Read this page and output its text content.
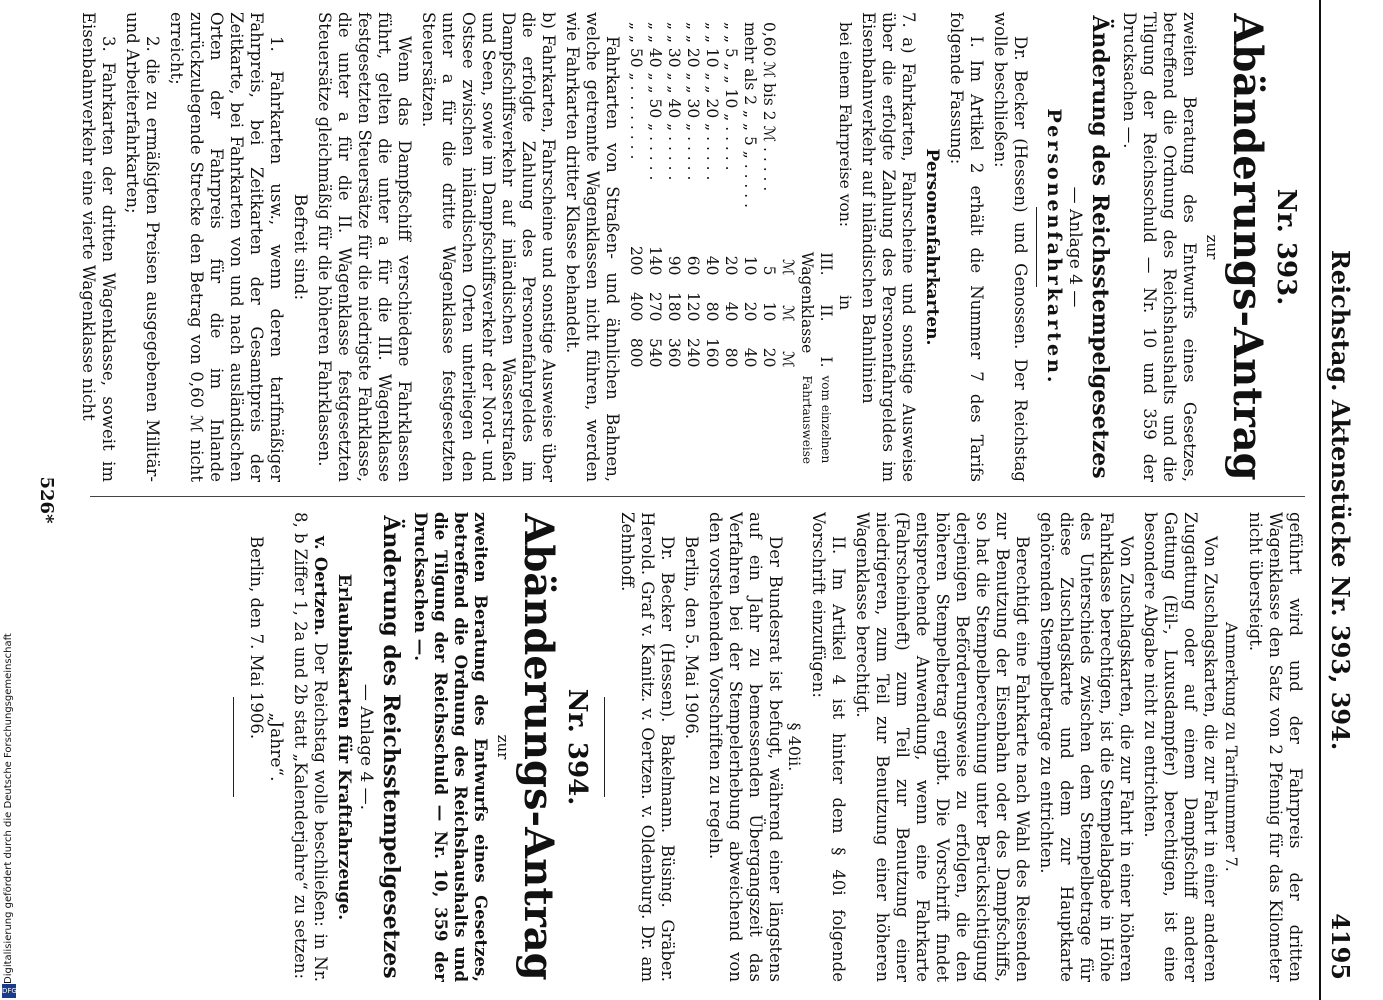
Reichstag. Aktenstücke Nr. 393, 394.
4195
Nr. 393.
Abänderungs-Antrag
zur

zweiten Beratung des Entwurfs eines Gesetzes, betreffend die Ordnung des Reichshaushalts und die Tilgung der Reichsschuld — Nr. 10 und 359 der Drucksachen —.

Änderung des Reichsstempelgesetzes
— Anlage 4 —
Personenfahrkarten.

Dr. Becker (Hessen) und Genossen. Der Reichstag wolle beschließen:

I. Im Artikel 2 erhält die Nummer 7 des Tarifs folgende Fassung:

Personenfahrkarten.

7. a) Fahrkarten, Fahrscheine und sonstige Ausweise über die erfolgte Zahlung des Personenfahrgeldes im Eisenbahnverkehr auf inländischen Bahnlinien

bei einem Fahrpreise von:	in			vom einzelnen Fahrtausweise
	III.	II.	I.	
	Wagenklasse			
	ℳ	ℳ	ℳ	
0,60 ℳ bis 2 ℳ . . . . .	5	10	20	
mehr als 2 „ „ 5 „ . . . . .	10	20	40	
„ „ 5 „ „ 10 „ . . . . .	20	40	80	
„ „ 10 „ „ 20 „ . . . . .	40	80	160	
„ „ 20 „ „ 30 „ . . . . .	60	120	240	
„ „ 30 „ „ 40 „ . . . . .	90	180	360	
„ „ 40 „ „ 50 „ . . . . .	140	270	540	
„ „ 50 „ . . . . . . . .	200	400	800	

Fahrkarten von Straßen- und ähnlichen Bahnen, welche getrennte Wagenklassen nicht führen, werden wie Fahrkarten dritter Klasse behandelt.

b) Fahrkarten, Fahrscheine und sonstige Ausweise über die erfolgte Zahlung des Personenfahrgeldes im Dampfschiffsverkehr auf inländischen Wasserstraßen und Seen, sowie im Dampfschiffsverkehr der Nord- und Ostsee zwischen inländischen Orten unterliegen den unter a für die dritte Wagenklasse festgesetzten Steuersätzen.

Wenn das Dampfschiff verschiedene Fahrklassen führt, gelten die unter a für die III. Wagenklasse festgesetzten Steuersätze für die niedrigste Fahrklasse, die unter a für die II. Wagenklasse festgesetzten Steuersätze gleichmäßig für die höheren Fahrklassen.

Befreit sind:

1. Fahrkarten usw., wenn deren tarifmäßiger Fahrpreis, bei Zeitkarten der Gesamtpreis der Zeitkarte, bei Fahrkarten von und nach ausländischen Orten der Fahrpreis für die im Inlande zurückzulegende Strecke den Betrag von 0,60 ℳ nicht erreicht;

2. die zu ermäßigten Preisen ausgegebenen Militär- und Arbeiterfahrkarten;

3. Fahrkarten der dritten Wagenklasse, soweit im Eisenbahnverkehr eine vierte Wagenklasse nicht

geführt wird und der Fahrpreis der dritten Wagenklasse den Satz von 2 Pfennig für das Kilometer nicht übersteigt.

Anmerkung zu Tarifnummer 7.

Von Zuschlagskarten, die zur Fahrt in einer anderen Zuggattung oder auf einem Dampfschiff anderer Gattung (Eil-, Luxusdampfer) berechtigen, ist eine besondere Abgabe nicht zu entrichten.

Von Zuschlagskarten, die zur Fahrt in einer höheren Fahrklasse berechtigen, ist die Stempelabgabe in Höhe des Unterschieds zwischen dem Stempelbetrage für diese Zuschlagskarte und dem zur Hauptkarte gehörenden Stempelbetrage zu entrichten.

Berechtigt eine Fahrkarte nach Wahl des Reisenden zur Benutzung der Eisenbahn oder des Dampfschiffs, so hat die Stempelberechnung unter Berücksichtigung derjenigen Beförderungsweise zu erfolgen, die den höheren Stempelbetrag ergibt. Die Vorschrift findet entsprechende Anwendung, wenn eine Fahrkarte (Fahrscheinheft) zum Teil zur Benutzung einer niedrigeren, zum Teil zur Benutzung einer höheren Wagenklasse berechtigt.

II. Im Artikel 4 ist hinter dem § 40i folgende Vorschrift einzufügen:

§ 40ii.

Der Bundesrat ist befugt, während einer längstens auf ein Jahr zu bemessenden Übergangszeit das Verfahren bei der Stempelerhebung abweichend von den vorstehenden Vorschriften zu regeln.

Berlin, den 5. Mai 1906.

Dr. Becker (Hessen). Bakelmann. Büsing. Gräber. Herold. Graf v. Kanitz. v. Oertzen. v. Oldenburg. Dr. am Zehnhoff.

Nr. 394.
Abänderungs-Antrag
zur

zweiten Beratung des Entwurfs eines Gesetzes, betreffend die Ordnung des Reichshaushalts und die Tilgung der Reichsschuld — Nr. 10, 359 der Drucksachen —.

Änderung des Reichsstempelgesetzes
— Anlage 4 —.
Erlaubniskarten für Kraftfahrzeuge.

v. Oertzen. Der Reichstag wolle beschließen: in Nr. 8, b Ziffer 1, 2a und 2b statt „Kalenderjahre“ zu setzen:

„Jahre“.

Berlin, den 7. Mai 1906.

526*
Digitalisierung gefördert durch die Deutsche Forschungsgemeinschaft
DFG
